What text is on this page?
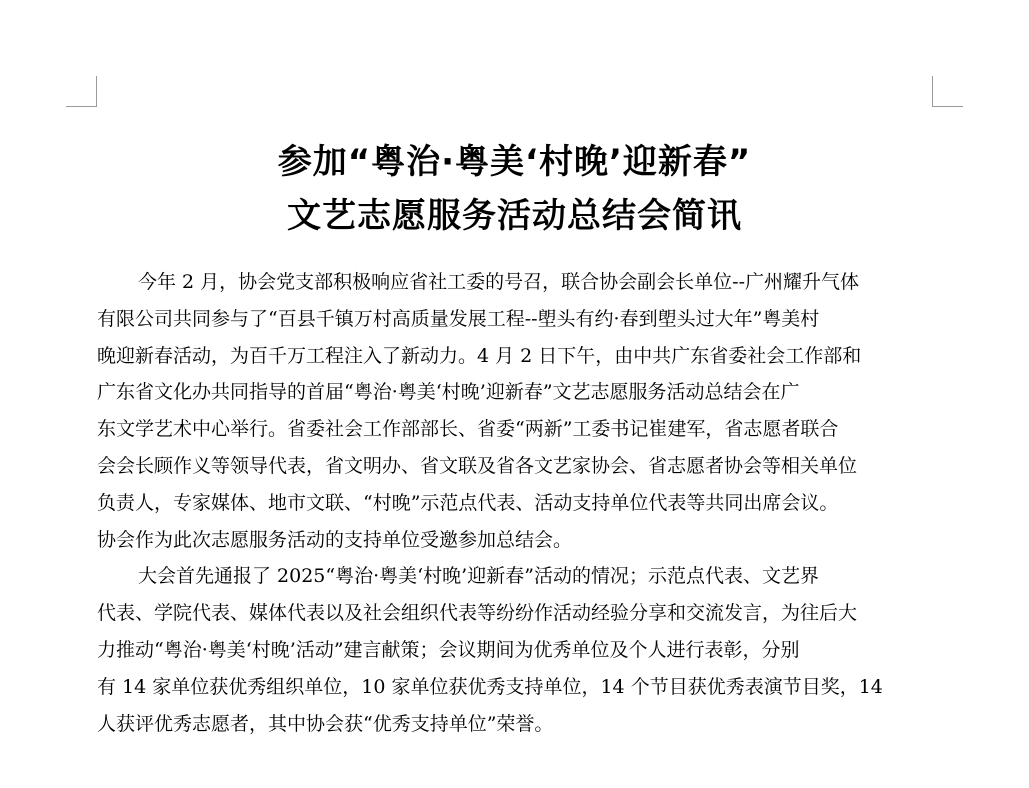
参加“粤治·粤美‘村晚’迎新春”
文艺志愿服务活动总结会简讯
今年 2 月，协会党支部积极响应省社工委的号召，联合协会副会长单位--广州耀升气体
有限公司共同参与了“百县千镇万村高质量发展工程--塱头有约·春到塱头过大年”粤美村
晚迎新春活动，为百千万工程注入了新动力。4 月 2 日下午，由中共广东省委社会工作部和
广东省文化办共同指导的首届“粤治·粤美‘村晚’迎新春”文艺志愿服务活动总结会在广
东文学艺术中心举行。省委社会工作部部长、省委“两新”工委书记崔建军，省志愿者联合
会会长顾作义等领导代表，省文明办、省文联及省各文艺家协会、省志愿者协会等相关单位
负责人，专家媒体、地市文联、“村晚”示范点代表、活动支持单位代表等共同出席会议。
协会作为此次志愿服务活动的支持单位受邀参加总结会。
大会首先通报了 2025“粤治·粤美‘村晚’迎新春”活动的情况；示范点代表、文艺界
代表、学院代表、媒体代表以及社会组织代表等纷纷作活动经验分享和交流发言，为往后大
力推动“粤治·粤美‘村晚’活动”建言献策；会议期间为优秀单位及个人进行表彰，分别
有 14 家单位获优秀组织单位，10 家单位获优秀支持单位，14 个节目获优秀表演节目奖，14
人获评优秀志愿者，其中协会获“优秀支持单位”荣誉。
